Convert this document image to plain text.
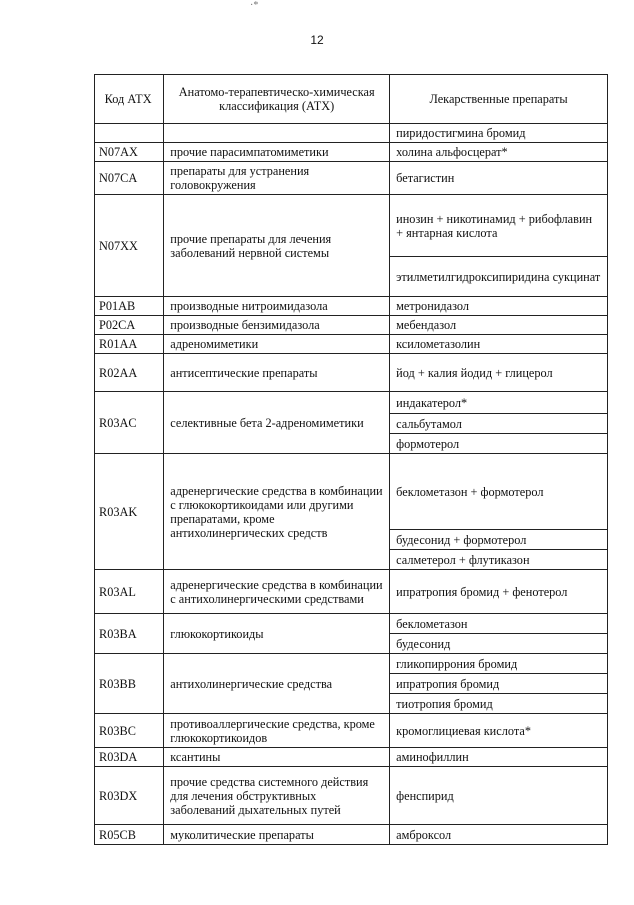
·*
12
Код АТХ	Анатомо-терапевтическо-химическая классификация (АТХ)	Лекарственные препараты
		пиридостигмина бромид
N07AX	прочие парасимпатомиметики	холина альфосцерат*
N07CA	препараты для устранения головокружения	бетагистин
N07XX	прочие препараты для лечения заболеваний нервной системы	инозин + никотинамид + рибофлавин + янтарная кислота
		этилметилгидроксипиридина сукцинат
P01AB	производные нитроимидазола	метронидазол
P02CA	производные бензимидазола	мебендазол
R01AA	адреномиметики	ксилометазолин
R02AA	антисептические препараты	йод + калия йодид + глицерол
R03AC	селективные бета 2-адреномиметики	индакатерол*
		сальбутамол
		формотерол
R03AK	адренергические средства в комбинации с глюкокортикоидами или другими препаратами, кроме антихолинергических средств	беклометазон + формотерол
		будесонид + формотерол
		салметерол + флутиказон
R03AL	адренергические средства в комбинации с антихолинергическими средствами	ипратропия бромид + фенотерол
R03BA	глюкокортикоиды	беклометазон
		будесонид
R03BB	антихолинергические средства	гликопиррония бромид
		ипратропия бромид
		тиотропия бромид
R03BC	противоаллергические средства, кроме глюкокортикоидов	кромоглициевая кислота*
R03DA	ксантины	аминофиллин
R03DX	прочие средства системного действия для лечения обструктивных заболеваний дыхательных путей	фенспирид
R05CB	муколитические препараты	амброксол
